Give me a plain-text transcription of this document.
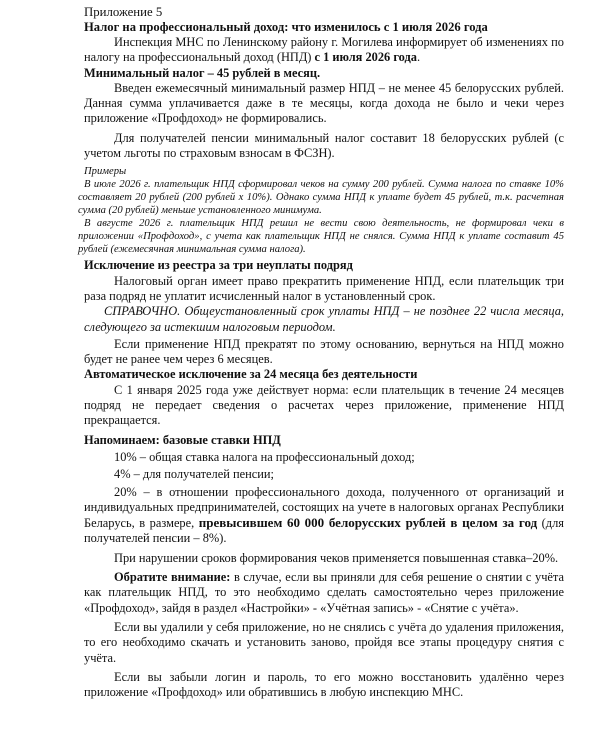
Приложение 5

Налог на профессиональный доход: что изменилось с 1 июля 2026 года

Инспекция МНС по Ленинскому району г. Могилева информирует об изменениях по налогу на профессиональный доход (НПД) с 1 июля 2026 года.

Минимальный налог – 45 рублей в месяц.

Введен ежемесячный минимальный размер НПД – не менее 45 белорусских рублей. Данная сумма уплачивается даже в те месяцы, когда дохода не было и чеки через приложение «Профдоход» не формировались.

Для получателей пенсии минимальный налог составит 18 белорусских рублей (с учетом льготы по страховым взносам в ФСЗН).

Примеры

В июле 2026 г. плательщик НПД сформировал чеков на сумму 200 рублей. Сумма налога по ставке 10% составляет 20 рублей (200 рублей х 10%). Однако сумма НПД к уплате будет 45 рублей, т.к. расчетная сумма (20 рублей) меньше установленного минимума.

В августе 2026 г. плательщик НПД решил не вести свою деятельность, не формировал чеки в приложении «Профдоход», с учета как плательщик НПД не снялся. Сумма НПД к уплате составит 45 рублей (ежемесячная минимальная сумма налога).

Исключение из реестра за три неуплаты подряд

Налоговый орган имеет право прекратить применение НПД, если плательщик три раза подряд не уплатит исчисленный налог в установленный срок.

СПРАВОЧНО. Общеустановленный срок уплаты НПД – не позднее 22 числа месяца, следующего за истекшим налоговым периодом.

Если применение НПД прекратят по этому основанию, вернуться на НПД можно будет не ранее чем через 6 месяцев.

Автоматическое исключение за 24 месяца без деятельности

С 1 января 2025 года уже действует норма: если плательщик в течение 24 месяцев подряд не передает сведения о расчетах через приложение, применение НПД прекращается.

Напоминаем: базовые ставки НПД

10% – общая ставка налога на профессиональный доход;

4% – для получателей пенсии;

20% – в отношении профессионального дохода, полученного от организаций и индивидуальных предпринимателей, состоящих на учете в налоговых органах Республики Беларусь, в размере, превысившем 60 000 белорусских рублей в целом за год (для получателей пенсии – 8%).

При нарушении сроков формирования чеков применяется повышенная ставка–20%.

Обратите внимание: в случае, если вы приняли для себя решение о снятии с учёта как плательщик НПД, то это необходимо сделать самостоятельно через приложение «Профдоход», зайдя в раздел «Настройки» - «Учётная запись» - «Снятие с учёта».

Если вы удалили у себя приложение, но не снялись с учёта до удаления приложения, то его необходимо скачать и установить заново, пройдя все этапы процедуру снятия с учёта.

Если вы забыли логин и пароль, то его можно восстановить удалённо через приложение «Профдоход» или обратившись в любую инспекцию МНС.
